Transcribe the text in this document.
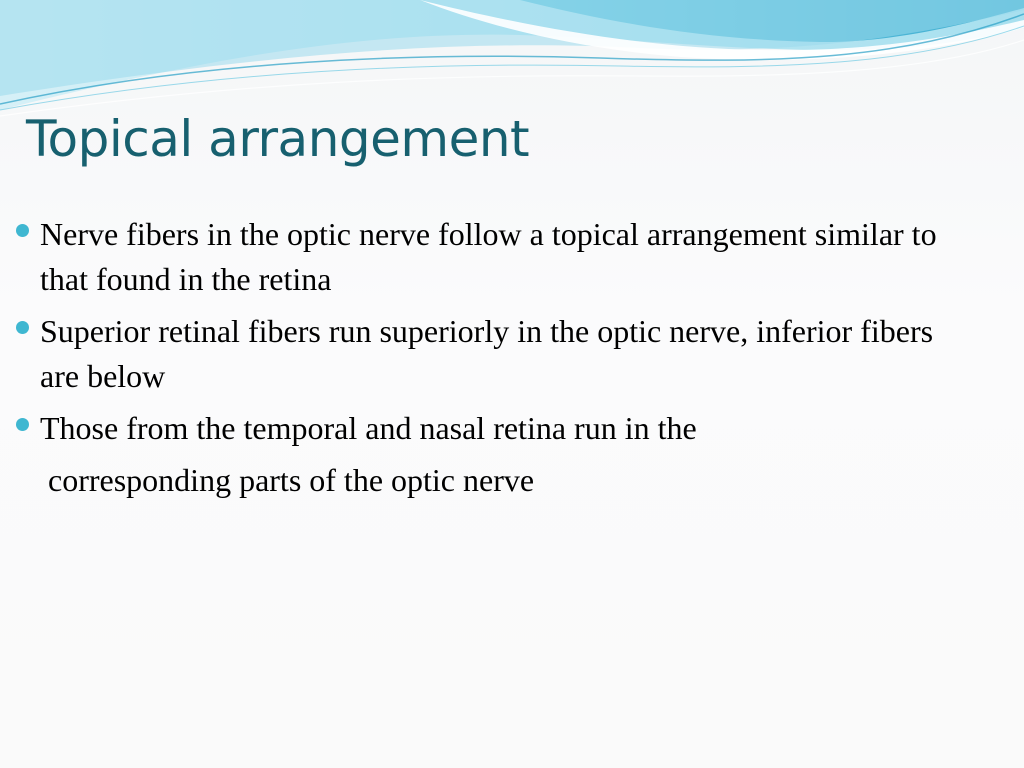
Topical arrangement
Nerve fibers in the optic nerve follow a topical arrangement similar to that found in the retina
Superior retinal fibers run superiorly in the optic nerve, inferior fibers are below
Those from the temporal and nasal retina run in the

corresponding parts of the optic nerve
